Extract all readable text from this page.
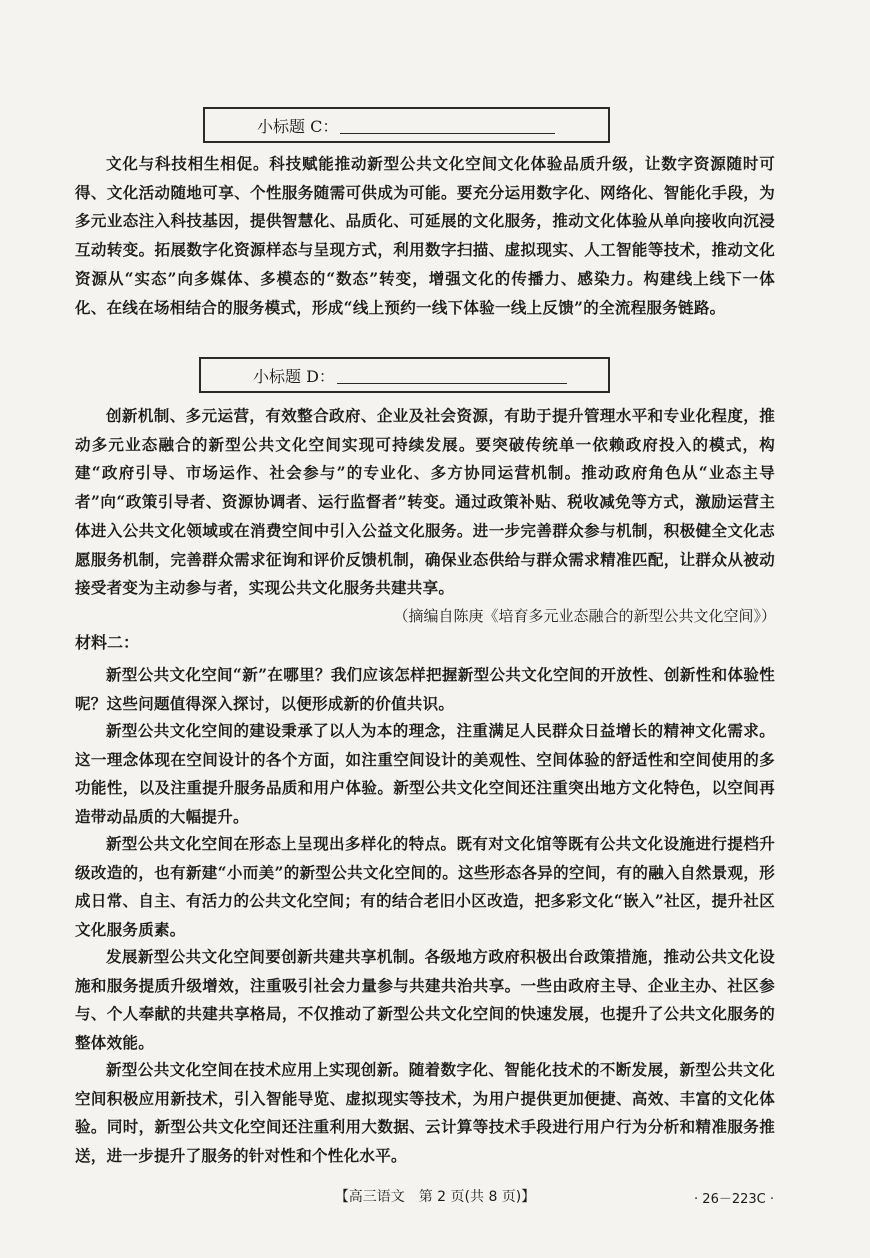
小标题 C：
文化与科技相生相促。科技赋能推动新型公共文化空间文化体验品质升级，让数字资源随时可得、文化活动随地可享、个性服务随需可供成为可能。要充分运用数字化、网络化、智能化手段，为多元业态注入科技基因，提供智慧化、品质化、可延展的文化服务，推动文化体验从单向接收向沉浸互动转变。拓展数字化资源样态与呈现方式，利用数字扫描、虚拟现实、人工智能等技术，推动文化资源从“实态”向多媒体、多模态的“数态”转变，增强文化的传播力、感染力。构建线上线下一体化、在线在场相结合的服务模式，形成“线上预约一线下体验一线上反馈”的全流程服务链路。
小标题 D：
创新机制、多元运营，有效整合政府、企业及社会资源，有助于提升管理水平和专业化程度，推动多元业态融合的新型公共文化空间实现可持续发展。要突破传统单一依赖政府投入的模式，构建“政府引导、市场运作、社会参与”的专业化、多方协同运营机制。推动政府角色从“业态主导者”向“政策引导者、资源协调者、运行监督者”转变。通过政策补贴、税收减免等方式，激励运营主体进入公共文化领域或在消费空间中引入公益文化服务。进一步完善群众参与机制，积极健全文化志愿服务机制，完善群众需求征询和评价反馈机制，确保业态供给与群众需求精准匹配，让群众从被动接受者变为主动参与者，实现公共文化服务共建共享。
（摘编自陈庚《培育多元业态融合的新型公共文化空间》）
材料二：
新型公共文化空间“新”在哪里？我们应该怎样把握新型公共文化空间的开放性、创新性和体验性呢？这些问题值得深入探讨，以便形成新的价值共识。
新型公共文化空间的建设秉承了以人为本的理念，注重满足人民群众日益增长的精神文化需求。这一理念体现在空间设计的各个方面，如注重空间设计的美观性、空间体验的舒适性和空间使用的多功能性，以及注重提升服务品质和用户体验。新型公共文化空间还注重突出地方文化特色，以空间再造带动品质的大幅提升。
新型公共文化空间在形态上呈现出多样化的特点。既有对文化馆等既有公共文化设施进行提档升级改造的，也有新建“小而美”的新型公共文化空间的。这些形态各异的空间，有的融入自然景观，形成日常、自主、有活力的公共文化空间；有的结合老旧小区改造，把多彩文化“嵌入”社区，提升社区文化服务质素。
发展新型公共文化空间要创新共建共享机制。各级地方政府积极出台政策措施，推动公共文化设施和服务提质升级增效，注重吸引社会力量参与共建共治共享。一些由政府主导、企业主办、社区参与、个人奉献的共建共享格局，不仅推动了新型公共文化空间的快速发展，也提升了公共文化服务的整体效能。
新型公共文化空间在技术应用上实现创新。随着数字化、智能化技术的不断发展，新型公共文化空间积极应用新技术，引入智能导览、虚拟现实等技术，为用户提供更加便捷、高效、丰富的文化体验。同时，新型公共文化空间还注重利用大数据、云计算等技术手段进行用户行为分析和精准服务推送，进一步提升了服务的针对性和个性化水平。
【高三语文　第 2 页(共 8 页)】	· 26－223C ·
